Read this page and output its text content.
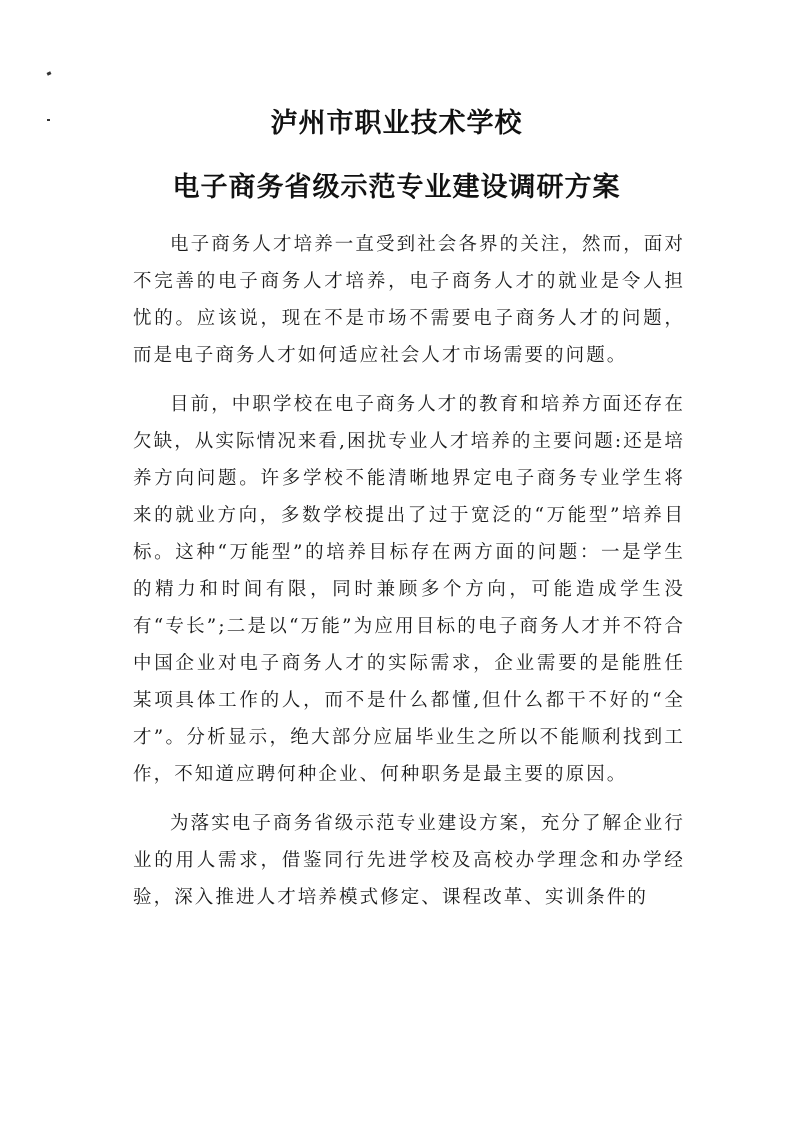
泸州市职业技术学校
电子商务省级示范专业建设调研方案

电子商务人才培养一直受到社会各界的关注，然而，面对不完善的电子商务人才培养，电子商务人才的就业是令人担忧的。应该说，现在不是市场不需要电子商务人才的问题，而是电子商务人才如何适应社会人才市场需要的问题。

目前，中职学校在电子商务人才的教育和培养方面还存在欠缺，从实际情况来看,困扰专业人才培养的主要问题:还是培养方向问题。许多学校不能清晰地界定电子商务专业学生将来的就业方向，多数学校提出了过于宽泛的“万能型”培养目标。这种“万能型”的培养目标存在两方面的问题：一是学生的精力和时间有限，同时兼顾多个方向，可能造成学生没有“专长”;二是以“万能”为应用目标的电子商务人才并不符合中国企业对电子商务人才的实际需求，企业需要的是能胜任某项具体工作的人，而不是什么都懂,但什么都干不好的“全才”。分析显示，绝大部分应届毕业生之所以不能顺利找到工作，不知道应聘何种企业、何种职务是最主要的原因。

为落实电子商务省级示范专业建设方案，充分了解企业行业的用人需求，借鉴同行先进学校及高校办学理念和办学经验，深入推进人才培养模式修定、课程改革、实训条件的
